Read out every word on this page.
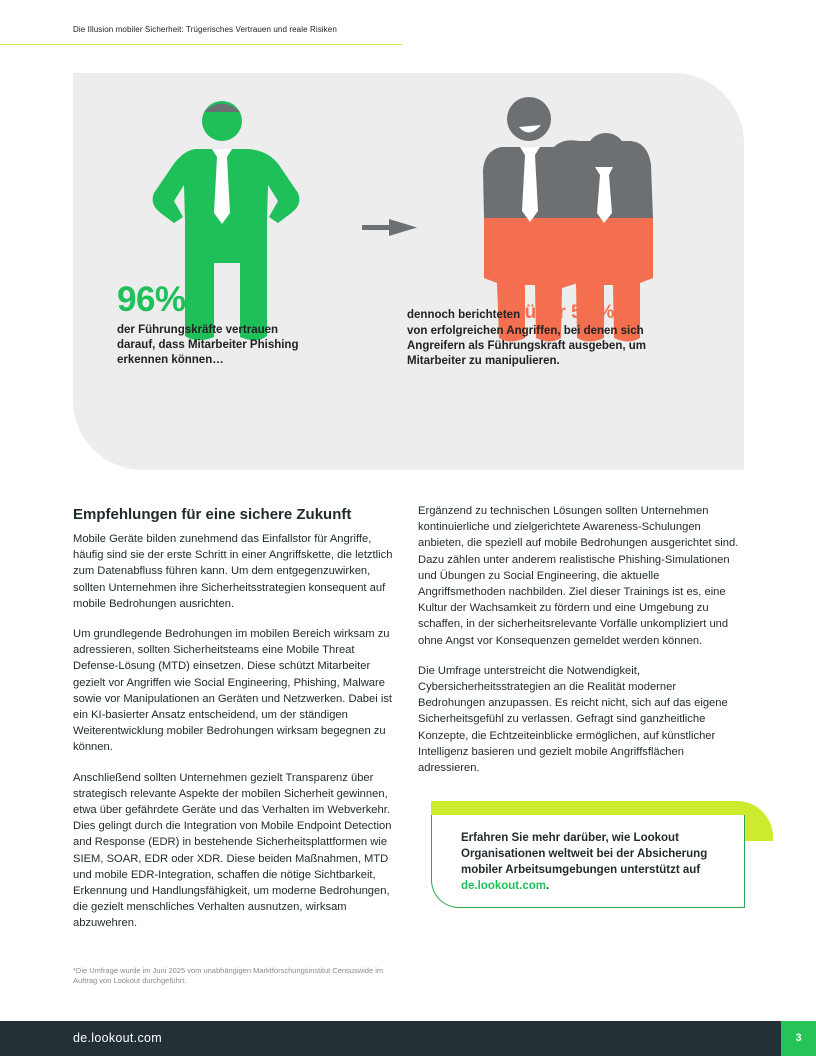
Die Illusion mobiler Sicherheit: Trügerisches Vertrauen und reale Risiken
96%
der Führungskräfte vertrauen darauf, dass Mitarbeiter Phishing erkennen können…
dennoch berichteten über 50 %
von erfolgreichen Angriffen, bei denen sich Angreifern als Führungskraft ausgeben, um Mitarbeiter zu manipulieren.
Empfehlungen für eine sichere Zukunft

Mobile Geräte bilden zunehmend das Einfallstor für Angriffe, häufig sind sie der erste Schritt in einer Angriffskette, die letztlich zum Datenabfluss führen kann. Um dem entgegenzuwirken, sollten Unternehmen ihre Sicherheitsstrategien konsequent auf mobile Bedrohungen ausrichten.

Um grundlegende Bedrohungen im mobilen Bereich wirksam zu adressieren, sollten Sicherheitsteams eine Mobile Threat Defense-Lösung (MTD) einsetzen. Diese schützt Mitarbeiter gezielt vor Angriffen wie Social Engineering, Phishing, Malware sowie vor Manipulationen an Geräten und Netzwerken. Dabei ist ein KI-basierter Ansatz entscheidend, um der ständigen Weiterentwicklung mobiler Bedrohungen wirksam begegnen zu können.

Anschließend sollten Unternehmen gezielt Transparenz über strategisch relevante Aspekte der mobilen Sicherheit gewinnen, etwa über gefährdete Geräte und das Verhalten im Webverkehr. Dies gelingt durch die Integration von Mobile Endpoint Detection and Response (EDR) in bestehende Sicherheitsplattformen wie SIEM, SOAR, EDR oder XDR. Diese beiden Maßnahmen, MTD und mobile EDR-Integration, schaffen die nötige Sichtbarkeit, Erkennung und Handlungsfähigkeit, um moderne Bedrohungen, die gezielt menschliches Verhalten ausnutzen, wirksam abzuwehren.

Ergänzend zu technischen Lösungen sollten Unternehmen kontinuierliche und zielgerichtete Awareness-Schulungen anbieten, die speziell auf mobile Bedrohungen ausgerichtet sind. Dazu zählen unter anderem realistische Phishing-Simulationen und Übungen zu Social Engineering, die aktuelle Angriffsmethoden nachbilden. Ziel dieser Trainings ist es, eine Kultur der Wachsamkeit zu fördern und eine Umgebung zu schaffen, in der sicherheitsrelevante Vorfälle unkompliziert und ohne Angst vor Konsequenzen gemeldet werden können.

Die Umfrage unterstreicht die Notwendigkeit, Cybersicherheitsstrategien an die Realität moderner Bedrohungen anzupassen. Es reicht nicht, sich auf das eigene Sicherheitsgefühl zu verlassen. Gefragt sind ganzheitliche Konzepte, die Echtzeiteinblicke ermöglichen, auf künstlicher Intelligenz basieren und gezielt mobile Angriffsflächen adressieren.

Erfahren Sie mehr darüber, wie Lookout Organisationen weltweit bei der Absicherung mobiler Arbeitsumgebungen unterstützt auf de.lookout.com.
*Die Umfrage wurde im Juni 2025 vom unabhängigen Marktforschungsinstitut Censuswide im Auftrag von Lookout durchgeführt.
de.lookout.com	3
